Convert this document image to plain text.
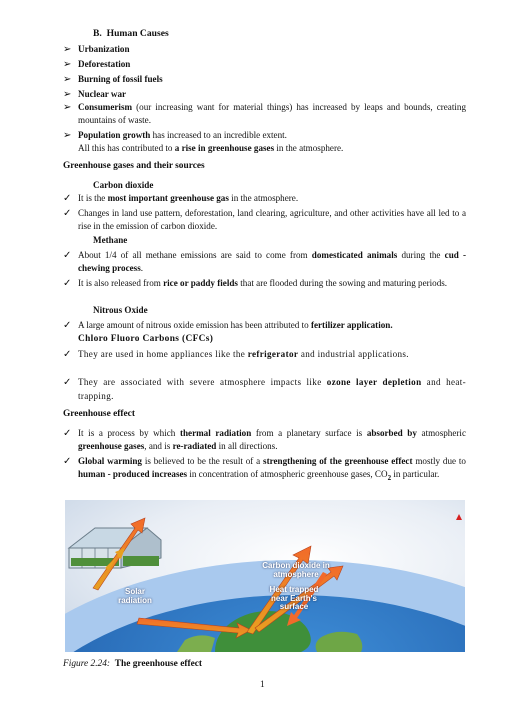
B. Human Causes
➢ Urbanization
➢ Deforestation
➢ Burning of fossil fuels
➢ Nuclear war
➢ Consumerism (our increasing want for material things) has increased by leaps and bounds, creating mountains of waste.
➢ Population growth has increased to an incredible extent.
All this has contributed to a rise in greenhouse gases in the atmosphere.
Greenhouse gases and their sources
Carbon dioxide
✓ It is the most important greenhouse gas in the atmosphere.
✓ Changes in land use pattern, deforestation, land clearing, agriculture, and other activities have all led to a rise in the emission of carbon dioxide.
Methane
✓ About 1/4 of all methane emissions are said to come from domesticated animals during the cud - chewing process.
✓ It is also released from rice or paddy fields that are flooded during the sowing and maturing periods.
Nitrous Oxide
✓ A large amount of nitrous oxide emission has been attributed to fertilizer application.
Chloro Fluoro Carbons (CFCs)
✓ They are used in home appliances like the refrigerator and industrial applications.
✓ They are associated with severe atmosphere impacts like ozone layer depletion and heat-trapping.
Greenhouse effect
✓ It is a process by which thermal radiation from a planetary surface is absorbed by atmospheric greenhouse gases, and is re-radiated in all directions.
✓ Global warming is believed to be the result of a strengthening of the greenhouse effect mostly due to human - produced increases in concentration of atmospheric greenhouse gases, $CO_2$ in particular.
Carbon dioxide in atmosphere
Heat trapped near Earth's surface
Solar radiation
Figure 2.24: The greenhouse effect
1
